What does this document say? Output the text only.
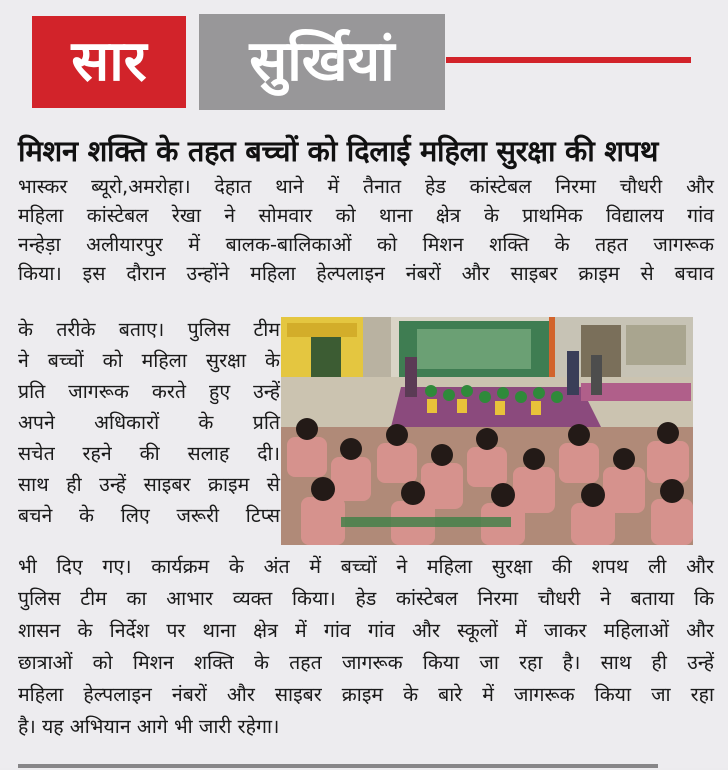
सार	सुर्खियां
मिशन शक्ति के तहत बच्चों को दिलाई महिला सुरक्षा की शपथ
भास्कर ब्यूरो,अमरोहा। देहात थाने में तैनात हेड कांस्टेबल निरमा चौधरी और
महिला कांस्टेबल रेखा ने सोमवार को थाना क्षेत्र के प्राथमिक विद्यालय गांव
नन्हेड़ा अलीयारपुर में बालक-बालिकाओं को मिशन शक्ति के तहत जागरूक
किया। इस दौरान उन्होंने महिला हेल्पलाइन नंबरों और साइबर क्राइम से बचाव
के तरीके बताए। पुलिस टीम
ने बच्चों को महिला सुरक्षा के
प्रति जागरूक करते हुए उन्हें
अपने अधिकारों के प्रति
सचेत रहने की सलाह दी।
साथ ही उन्हें साइबर क्राइम से
बचने के लिए जरूरी टिप्स
भी दिए गए। कार्यक्रम के अंत में बच्चों ने महिला सुरक्षा की शपथ ली और
पुलिस टीम का आभार व्यक्त किया। हेड कांस्टेबल निरमा चौधरी ने बताया कि
शासन के निर्देश पर थाना क्षेत्र में गांव गांव और स्कूलों में जाकर महिलाओं और
छात्राओं को मिशन शक्ति के तहत जागरूक किया जा रहा है। साथ ही उन्हें
महिला हेल्पलाइन नंबरों और साइबर क्राइम के बारे में जागरूक किया जा रहा
है। यह अभियान आगे भी जारी रहेगा।
